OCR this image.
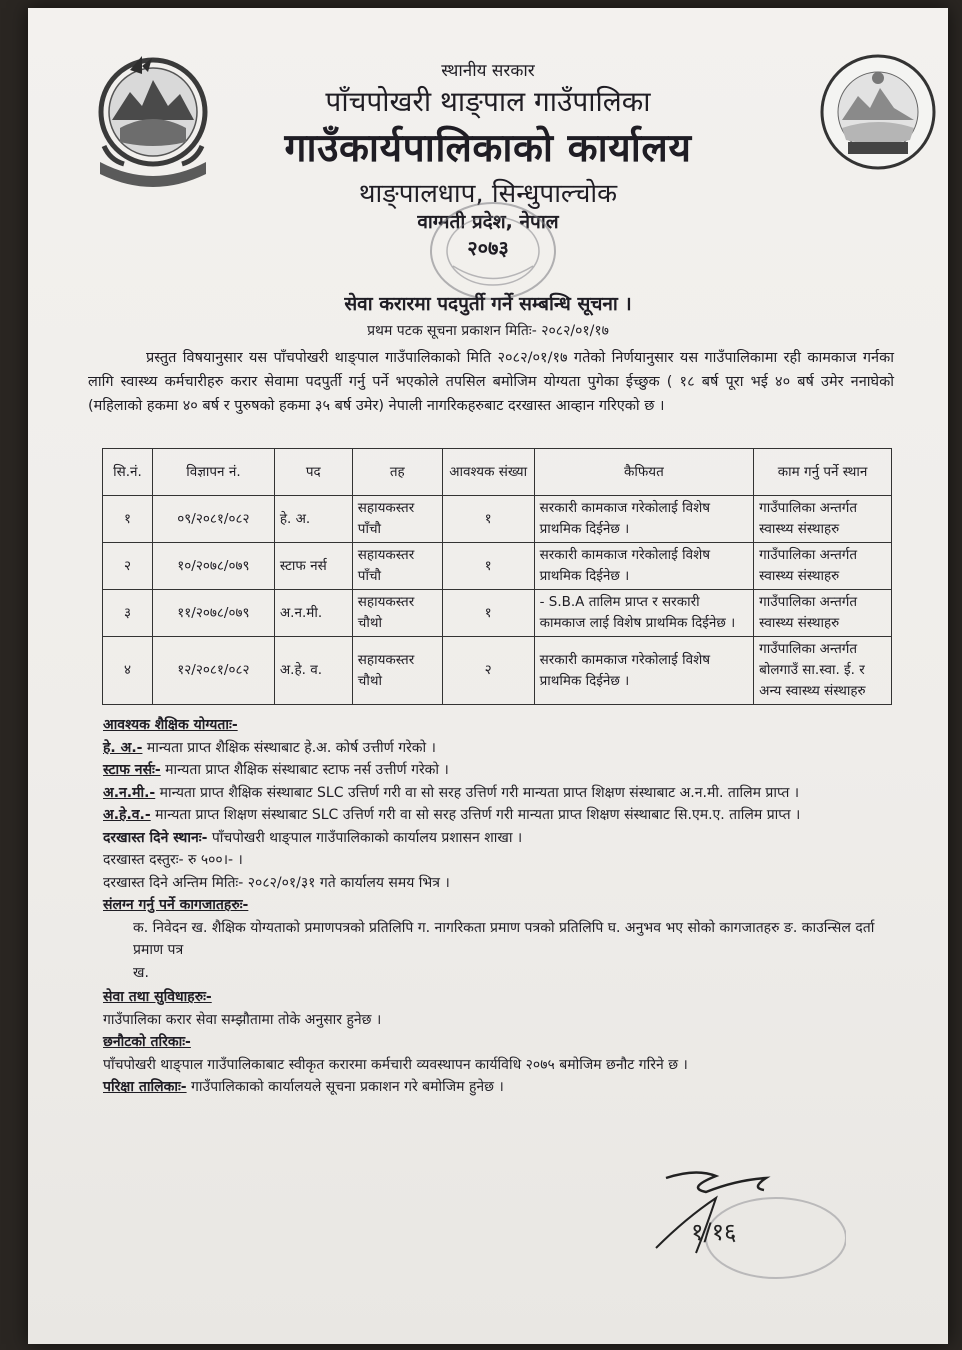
स्थानीय सरकार
पाँचपोखरी थाङ्पाल गाउँपालिका
गाउँकार्यपालिकाको कार्यालय
थाङ्पालधाप, सिन्धुपाल्चोक
वाग्मती प्रदेश, नेपाल
२०७३
सेवा करारमा पदपुर्ती गर्ने सम्बन्धि सूचना ।
प्रथम पटक सूचना प्रकाशन मितिः- २०८२/०१/१७
प्रस्तुत विषयानुसार यस पाँचपोखरी थाङ्पाल गाउँपालिकाको मिति २०८२/०१/१७ गतेको निर्णयानुसार यस गाउँपालिकामा रही कामकाज गर्नका लागि स्वास्थ्य कर्मचारीहरु करार सेवामा पदपुर्ती गर्नु पर्ने भएकोले तपसिल बमोजिम योग्यता पुगेका ईच्छुक ( १८ बर्ष पूरा भई ४० बर्ष उमेर ननाघेको (महिलाको हकमा ४० बर्ष र पुरुषको हकमा ३५ बर्ष उमेर) नेपाली नागरिकहरुबाट दरखास्त आव्हान गरिएको छ ।
सि.नं.	विज्ञापन नं.	पद	तह	आवश्यक संख्या	कैफियत	काम गर्नु पर्ने स्थान
१	०९/२०८१/०८२	हे. अ.	सहायकस्तर पाँचौ	१	सरकारी कामकाज गरेकोलाई विशेष प्राथमिक दिईनेछ ।	गाउँपालिका अन्तर्गत स्वास्थ्य संस्थाहरु
२	१०/२०७८/०७९	स्टाफ नर्स	सहायकस्तर पाँचौ	१	सरकारी कामकाज गरेकोलाई विशेष प्राथमिक दिईनेछ ।	गाउँपालिका अन्तर्गत स्वास्थ्य संस्थाहरु
३	११/२०७८/०७९	अ.न.मी.	सहायकस्तर चौथो	१	- S.B.A तालिम प्राप्त र सरकारी कामकाज लाई विशेष प्राथमिक दिईनेछ ।	गाउँपालिका अन्तर्गत स्वास्थ्य संस्थाहरु
४	१२/२०८१/०८२	अ.हे. व.	सहायकस्तर चौथो	२	सरकारी कामकाज गरेकोलाई विशेष प्राथमिक दिईनेछ ।	गाउँपालिका अन्तर्गत बोलगाउँ सा.स्वा. ई. र अन्य स्वास्थ्य संस्थाहरु

आवश्यक शैक्षिक योग्यताः-

हे. अ.- मान्यता प्राप्त शैक्षिक संस्थाबाट हे.अ. कोर्ष उत्तीर्ण गरेको ।

स्टाफ नर्सः- मान्यता प्राप्त शैक्षिक संस्थाबाट स्टाफ नर्स उत्तीर्ण गरेको ।

अ.न.मी.- मान्यता प्राप्त शैक्षिक संस्थाबाट SLC उत्तिर्ण गरी वा सो सरह उत्तिर्ण गरी मान्यता प्राप्त शिक्षण संस्थाबाट अ.न.मी. तालिम प्राप्त ।

अ.हे.व.- मान्यता प्राप्त शिक्षण संस्थाबाट SLC उत्तिर्ण गरी वा सो सरह उत्तिर्ण गरी मान्यता प्राप्त शिक्षण संस्थाबाट सि.एम.ए. तालिम प्राप्त ।

दरखास्त दिने स्थानः- पाँचपोखरी थाङ्पाल गाउँपालिकाको कार्यालय प्रशासन शाखा ।

दरखास्त दस्तुरः- रु ५००।- ।

दरखास्त दिने अन्तिम मितिः- २०८२/०१/३१ गते कार्यालय समय भित्र ।

संलग्न गर्नु पर्ने कागजातहरुः-

क. निवेदन ख. शैक्षिक योग्यताको प्रमाणपत्रको प्रतिलिपि ग. नागरिकता प्रमाण पत्रको प्रतिलिपि घ. अनुभव भए सोको कागजातहरु ङ. काउन्सिल दर्ता प्रमाण पत्र

ख.

सेवा तथा सुविधाहरुः-

गाउँपालिका करार सेवा सम्झौतामा तोके अनुसार हुनेछ ।

छनौटको तरिकाः-

पाँचपोखरी थाङ्पाल गाउँपालिकाबाट स्वीकृत करारमा कर्मचारी व्यवस्थापन कार्यविधि २०७५ बमोजिम छनौट गरिने छ ।

परिक्षा तालिकाः- गाउँपालिकाको कार्यालयले सूचना प्रकाशन गरे बमोजिम हुनेछ ।

१/१६
